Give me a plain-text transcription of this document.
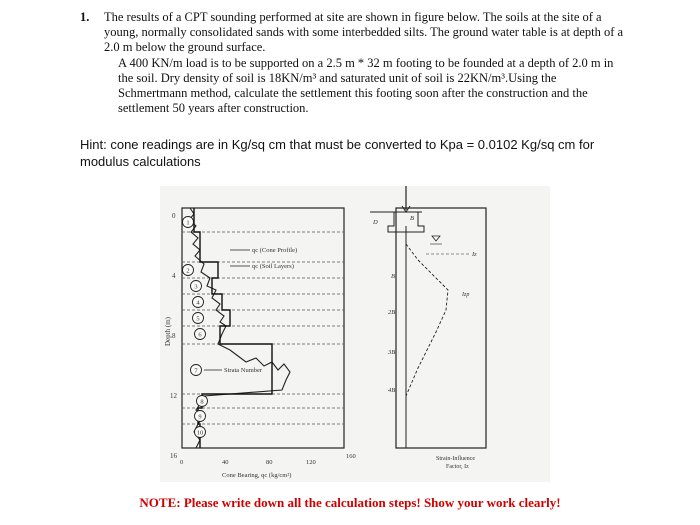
1. The results of a CPT sounding performed at site are shown in figure below. The soils at the site of a young, normally consolidated sands with some interbedded silts. The ground water table is at depth of a 2.0 m below the ground surface.
A 400 KN/m load is to be supported on a 2.5 m * 32 m footing to be founded at a depth of 2.0 m in the soil. Dry density of soil is 18KN/m³ and saturated unit of soil is 22KN/m³.Using the Schmertmann method, calculate the settlement this footing soon after the construction and the settlement 50 years after construction.
Hint: cone readings are in Kg/sq cm that must be converted to Kpa = 0.0102 Kg/sq cm for modulus calculations
Depth (m)
0
4
8
12
16
0	40	80	120
160
Cone Bearing, qc (kg/cm²)
1
2
3
4
5
6
7
8
9
10
qc (Cone Profile)
qc (Soil Layers)
Strata Number
D
B
B
2B
3B
4B
Iz
Izp
Strain-Influence
Factor, Iz
NOTE: Please write down all the calculation steps! Show your work clearly!
